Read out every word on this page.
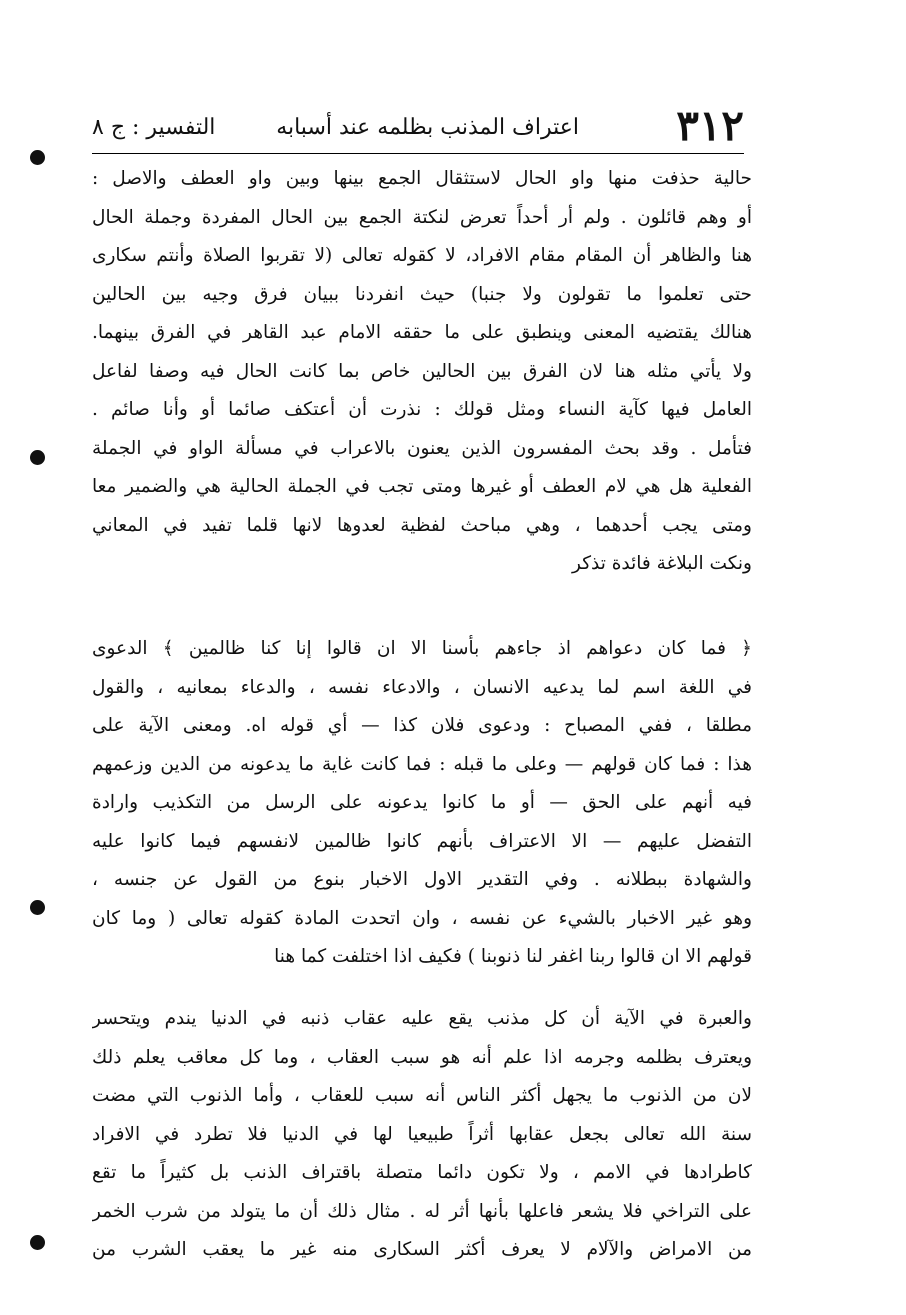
٣١٢
اعتراف المذنب بظلمه عند أسبابه
التفسير : ج ٨
حالية حذفت منها واو الحال لاستثقال الجمع بينها وبين واو العطف والاصل :
أو وهم قائلون . ولم أر أحداً تعرض لنكتة الجمع بين الحال المفردة وجملة الحال
هنا والظاهر أن المقام مقام الافراد، لا كقوله تعالى (لا تقربوا الصلاة وأنتم سكارى
حتى تعلموا ما تقولون ولا جنبا) حيث انفردنا ببيان فرق وجيه بين الحالين
هنالك يقتضيه المعنى وينطبق على ما حققه الامام عبد القاهر في الفرق بينهما.
ولا يأتي مثله هنا لان الفرق بين الحالين خاص بما كانت الحال فيه وصفا لفاعل
العامل فيها كآية النساء ومثل قولك : نذرت أن أعتكف صائما أو وأنا صائم .
فتأمل . وقد بحث المفسرون الذين يعنون بالاعراب في مسألة الواو في الجملة
الفعلية هل هي لام العطف أو غيرها ومتى تجب في الجملة الحالية هي والضمير معا
ومتى يجب أحدهما ، وهي مباحث لفظية لعدوها لانها قلما تفيد في المعاني
ونكت البلاغة فائدة تذكر
﴿ فما كان دعواهم اذ جاءهم بأسنا الا ان قالوا إنا كنا ظالمين ﴾ الدعوى
في اللغة اسم لما يدعيه الانسان ، والادعاء نفسه ، والدعاء بمعانيه ، والقول
مطلقا ، ففي المصباح : ودعوى فلان كذا — أي قوله اه. ومعنى الآية على
هذا : فما كان قولهم — وعلى ما قبله : فما كانت غاية ما يدعونه من الدين وزعمهم
فيه أنهم على الحق — أو ما كانوا يدعونه على الرسل من التكذيب وارادة
التفضل عليهم — الا الاعتراف بأنهم كانوا ظالمين لانفسهم فيما كانوا عليه
والشهادة ببطلانه . وفي التقدير الاول الاخبار بنوع من القول عن جنسه ،
وهو غير الاخبار بالشيء عن نفسه ، وان اتحدت المادة كقوله تعالى ( وما كان
قولهم الا ان قالوا ربنا اغفر لنا ذنوبنا ) فكيف اذا اختلفت كما هنا
والعبرة في الآية أن كل مذنب يقع عليه عقاب ذنبه في الدنيا يندم ويتحسر
ويعترف بظلمه وجرمه اذا علم أنه هو سبب العقاب ، وما كل معاقب يعلم ذلك
لان من الذنوب ما يجهل أكثر الناس أنه سبب للعقاب ، وأما الذنوب التي مضت
سنة الله تعالى بجعل عقابها أثراً طبيعيا لها في الدنيا فلا تطرد في الافراد
كاطرادها في الامم ، ولا تكون دائما متصلة باقتراف الذنب بل كثيراً ما تقع
على التراخي فلا يشعر فاعلها بأنها أثر له . مثال ذلك أن ما يتولد من شرب الخمر
من الامراض والآلام لا يعرف أكثر السكارى منه غير ما يعقب الشرب من
